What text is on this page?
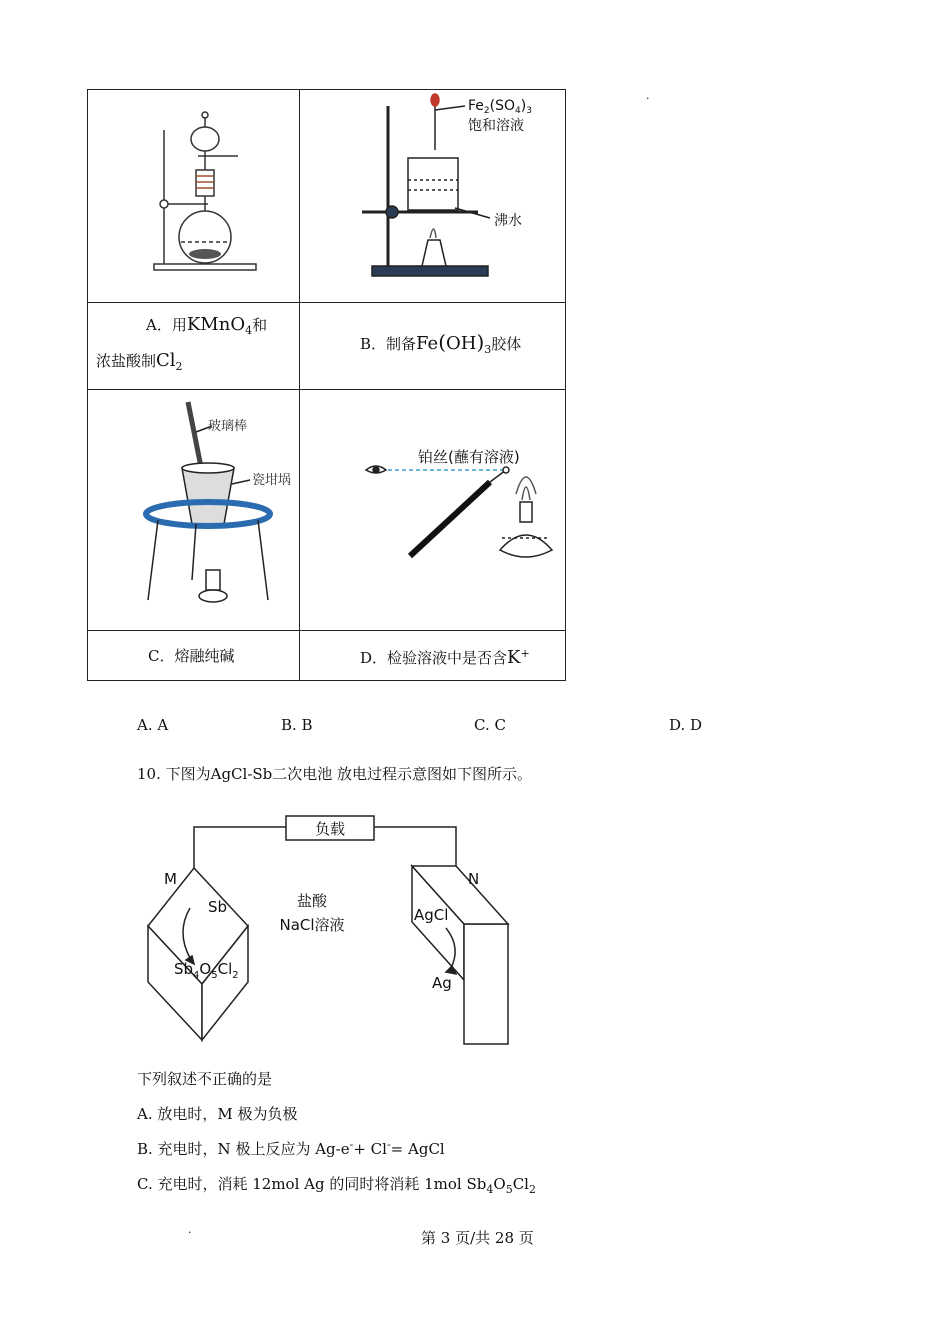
·

$Fe_2(SO_4)_3$
饱和溶液
沸水

A．用KMnO$_4$和
浓盐酸制$Cl_2$	B．制备$Fe(OH)_3$胶体

玻璃棒
瓷坩埚	铂丝(蘸有溶液)

C．熔融纯碱	D．检验溶液中是否含K+
A. A	B. B	C. C	D. D
10. 下图为AgCl-Sb二次电池 放电过程示意图如下图所示。
负载
M	N
盐酸
NaCl溶液
Sb
$Sb_4O_5Cl_2$
AgCl
Ag
下列叙述不正确的是
A. 放电时，M 极为负极
B. 充电时，N 极上反应为 Ag-e-+ Cl-= AgCl
C. 充电时，消耗 12mol Ag 的同时将消耗 1mol $Sb_4O_5Cl_2$
·	第 3 页/共 28 页
